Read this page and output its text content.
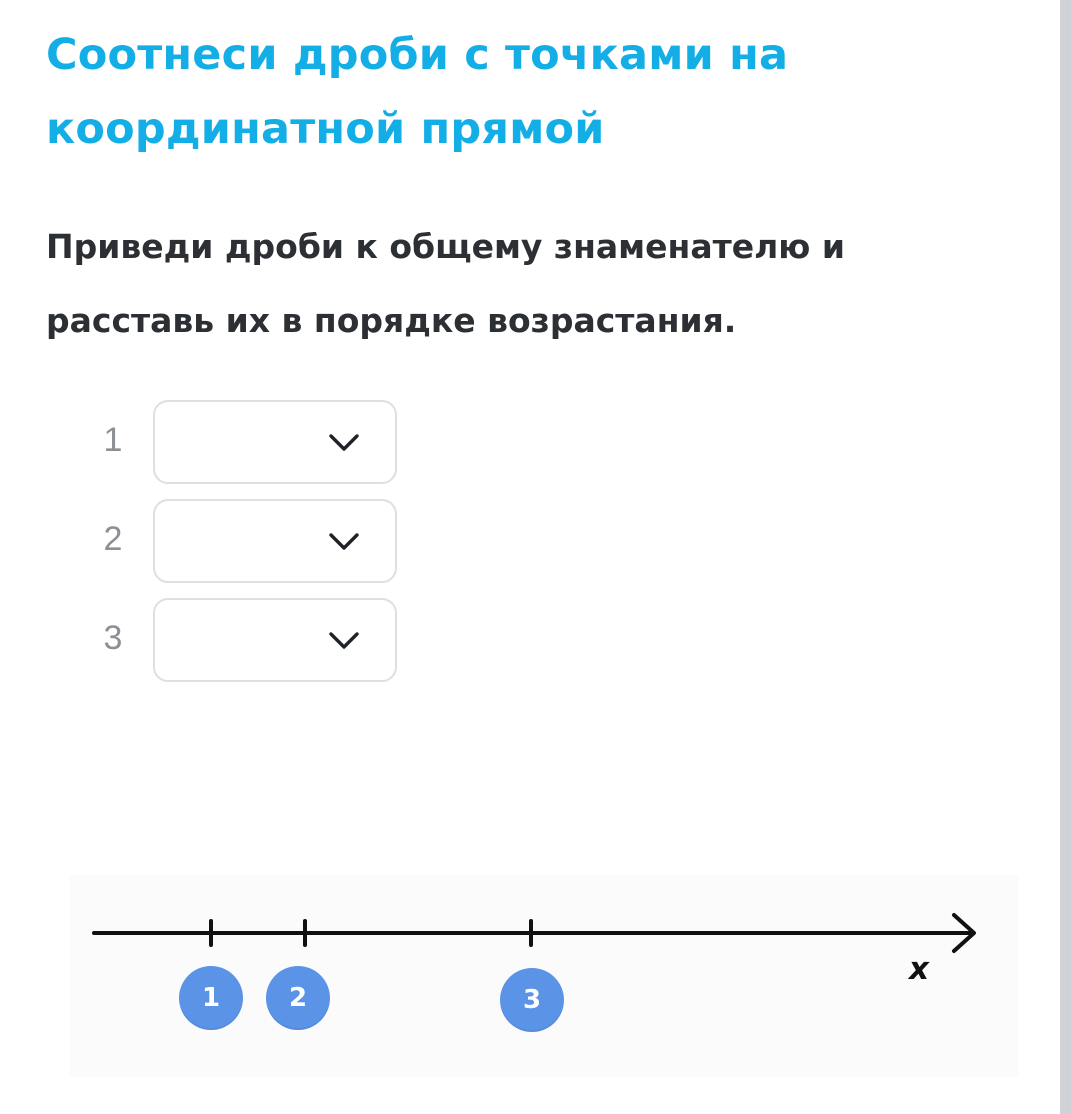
Соотнеси дроби с точками на координатной прямой

Приведи дроби к общему знаменателю и расставь их в порядке возрастания.

1
2
3
x
1	2	3
